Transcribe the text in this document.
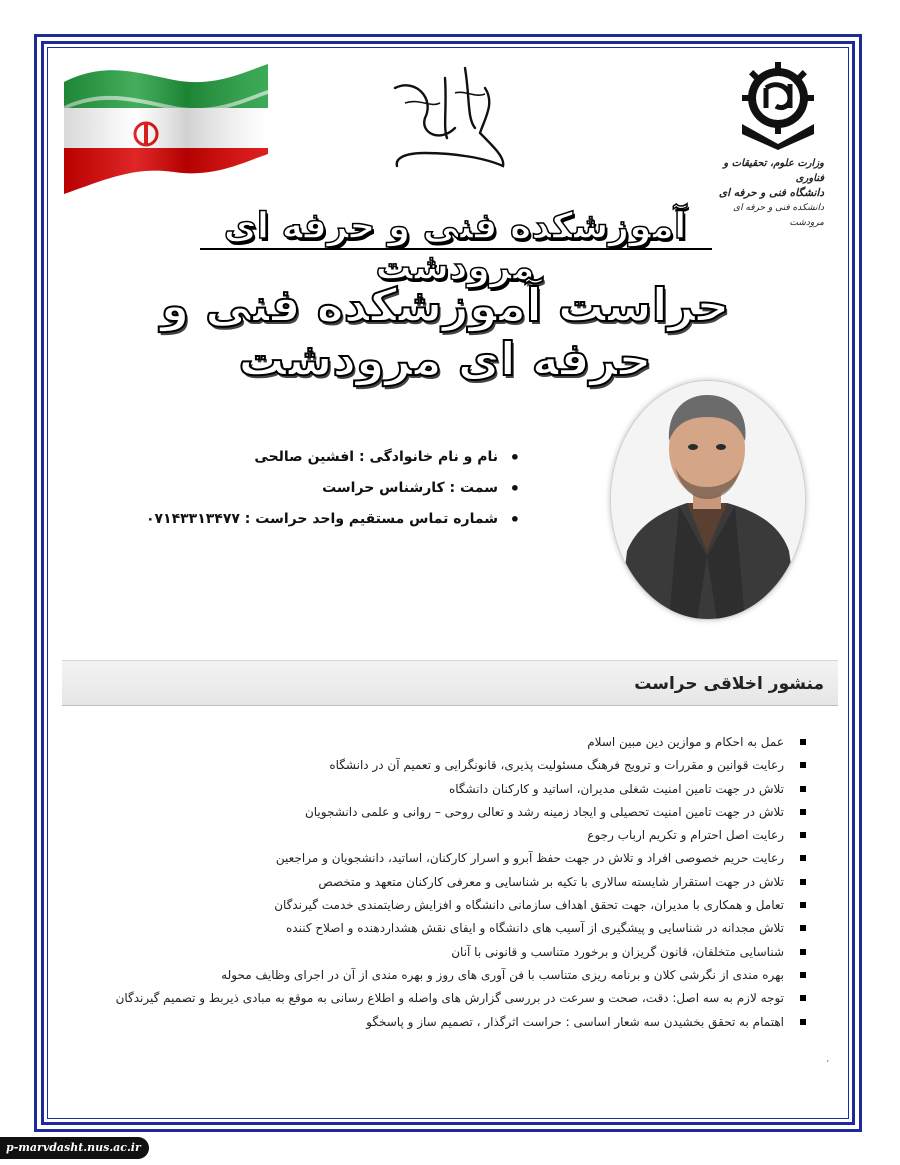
وزارت علوم، تحقیقات و فناوری
دانشگاه فنی و حرفه ای
دانشکده فنی و حرفه ای مرودشت
آموزشکده فنی و حرفه ای مرودشت
حراست آموزشکده فنی و حرفه ای مرودشت
• نام و نام خانوادگی : افشین صالحی
• سمت : کارشناس حراست
• شماره تماس مستقیم واحد حراست : ۰۷۱۴۳۳۱۳۴۷۷
منشور اخلاقی حراست
عمل به احکام و موازین دین مبین اسلام
رعایت قوانین و مقررات و ترویج فرهنگ مسئولیت پذیری، قانونگرایی و تعمیم آن در دانشگاه
تلاش در جهت تامین امنیت شغلی مدیران، اساتید و کارکنان دانشگاه
تلاش در جهت تامین امنیت تحصیلی و ایجاد زمینه رشد و تعالی روحی – روانی و علمی دانشجویان
رعایت اصل احترام و تکریم ارباب رجوع
رعایت حریم خصوصی افراد و تلاش در جهت حفظ آبرو و اسرار کارکنان، اساتید، دانشجویان و مراجعین
تلاش در جهت استقرار شایسته سالاری با تکیه بر شناسایی و معرفی کارکنان متعهد و متخصص
تعامل و همکاری با مدیران، جهت تحقق اهداف سازمانی دانشگاه و افزایش رضایتمندی خدمت گیرندگان
تلاش مجدانه در شناسایی و پیشگیری از آسیب های دانشگاه و ایفای نقش هشداردهنده و اصلاح کننده
شناسایی متخلفان، قانون گریزان و برخورد متناسب و قانونی با آنان
بهره مندی از نگرشی کلان و برنامه ریزی متناسب با فن آوری های روز و بهره مندی از آن در اجرای وظایف محوله
توجه لازم به سه اصل: دقت، صحت و سرعت در بررسی گزارش های واصله و اطلاع رسانی به موقع به مبادی ذیربط و تصمیم گیرندگان
اهتمام به تحقق بخشیدن سه شعار اساسی : حراست اثرگذار ، تصمیم ساز و پاسخگو
،
p-marvdasht.nus.ac.ir
